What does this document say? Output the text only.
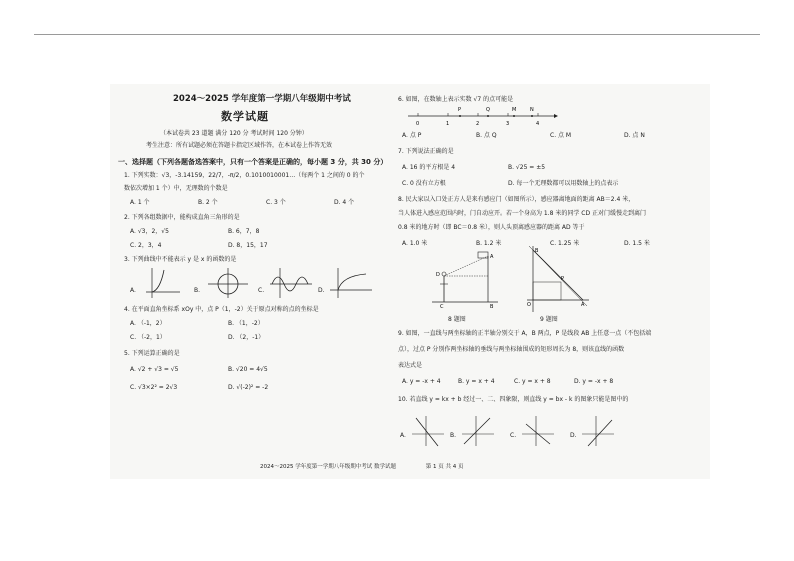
2024～2025 学年度第一学期八年级期中考试
数学试题
（本试卷共 23 道题 满分 120 分 考试时间 120 分钟）
考生注意：所有试题必须在答题卡指定区域作答，在本试卷上作答无效
一、选择题（下列各题备选答案中，只有一个答案是正确的，每小题 3 分，共 30 分）
1. 下列实数：√3，-3.14159，22/7，-π/2，0.1010010001…（每两个 1 之间的 0 的个
数依次增加 1 个）中，无理数的个数是
A. 1 个	B. 2 个	C. 3 个	D. 4 个
2. 下列各组数据中，能构成直角三角形的是
A. √3，2，√5	B. 6，7，8
C. 2，3，4	D. 8，15，17
3. 下列曲线中不能表示 y 是 x 的函数的是
A.	B.	C.	D.
4. 在平面直角坐标系 xOy 中，点 P（1，-2）关于原点对称的点的坐标是
A. （-1，2）	B. （1，-2）
C. （-2，1）	D. （2，-1）
5. 下列运算正确的是
A. √2 + √3 = √5	B. √20 = 4√5
C. √3×2² = 2√3	D. √(-2)² = -2
6. 如图，在数轴上表示实数 √7 的点可能是
0	1	2	3	4
P	Q	M	N
A. 点 P	B. 点 Q	C. 点 M	D. 点 N
7. 下列说法正确的是
A. 16 的平方根是 4	B. √25 = ±5
C. 0 没有立方根	D. 每一个无理数都可以用数轴上的点表示
8. 民大家以入口处正方人是来有感应门（如图所示），感应器离地面的距离 AB＝2.4 米，
当人体进入感应范围内时，门自动应开。若一个身高为 1.8 米的同学 CD 正对门缓慢走到离门
0.8 米的地方时（即 BC＝0.8 米），则人头顶离感应器的距离 AD 等于
A. 1.0 米	B. 1.2 米	C. 1.25 米	D. 1.5 米
A
B
C
D
8 题图
B
A
P
O
9 题图
9. 如图，一直线与两坐标轴的正半轴分别交于 A，B 两点，P 是线段 AB 上任意一点（不包括端
点），过点 P 分别作两坐标轴的垂线与两坐标轴围成的矩形周长为 8，则该直线的函数
表达式是
A. y = -x + 4	B. y = x + 4	C. y = x + 8	D. y = -x + 8
10. 若直线 y = kx + b 经过一、二、四象限，则直线 y = bx - k 的图象只能是图中的
A.	B.	C.	D.
2024～2025 学年度第一学期八年级期中考试 数学试题	第 1 页 共 4 页
